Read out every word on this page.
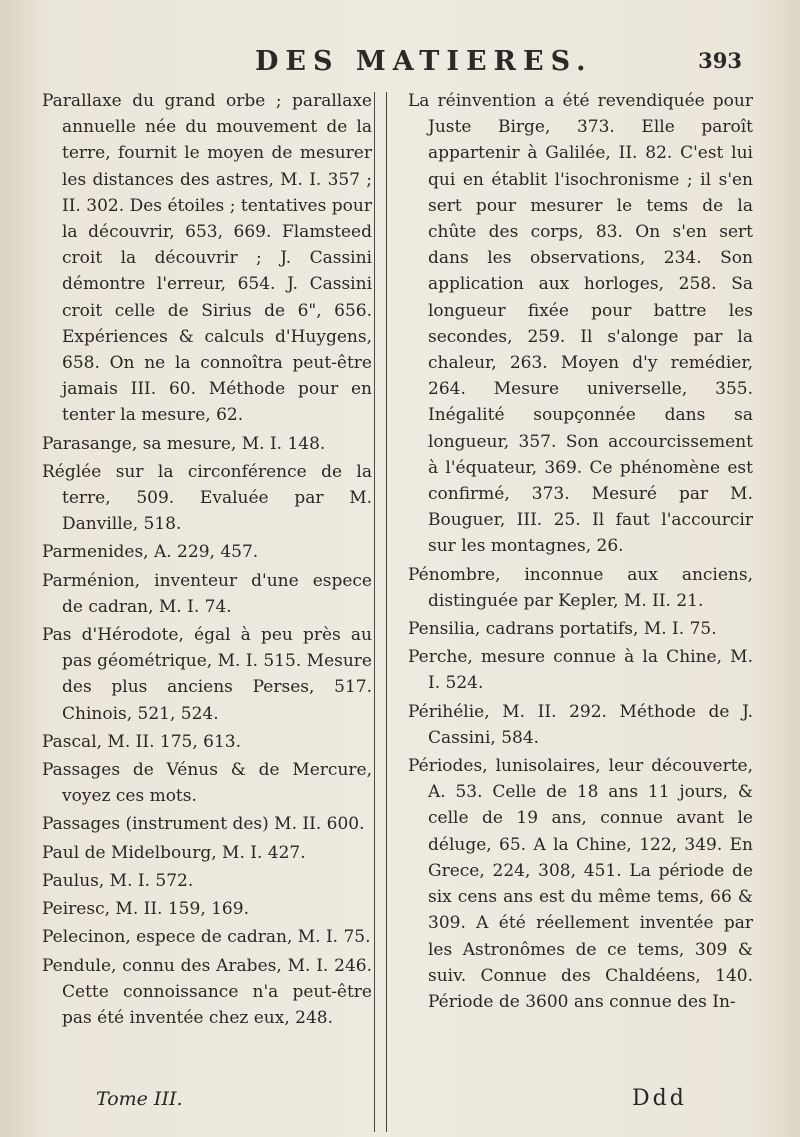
DES MATIERES.	393

Parallaxe du grand orbe ; parallaxe annuelle née du mouvement de la terre, fournit le moyen de mesurer les distances des astres, M. I. 357 ; II. 302. Des étoiles ; tentatives pour la découvrir, 653, 669. Flamsteed croit la découvrir ; J. Cassini démontre l'erreur, 654. J. Cassini croit celle de Sirius de 6", 656. Expériences & calculs d'Huygens, 658. On ne la connoîtra peut-être jamais III. 60. Méthode pour en tenter la mesure, 62.

Parasange, sa mesure, M. I. 148.

Réglée sur la circonférence de la terre, 509. Evaluée par M. Danville, 518.

Parmenides, A. 229, 457.

Parménion, inventeur d'une espece de cadran, M. I. 74.

Pas d'Hérodote, égal à peu près au pas géométrique, M. I. 515. Mesure des plus anciens Perses, 517. Chinois, 521, 524.

Pascal, M. II. 175, 613.

Passages de Vénus & de Mercure, voyez ces mots.

Passages (instrument des) M. II. 600.

Paul de Midelbourg, M. I. 427.

Paulus, M. I. 572.

Peiresc, M. II. 159, 169.

Pelecinon, espece de cadran, M. I. 75.

Pendule, connu des Arabes, M. I. 246. Cette connoissance n'a peut-être pas été inventée chez eux, 248.

La réinvention a été revendiquée pour Juste Birge, 373. Elle paroît appartenir à Galilée, II. 82. C'est lui qui en établit l'isochronisme ; il s'en sert pour mesurer le tems de la chûte des corps, 83. On s'en sert dans les observations, 234. Son application aux horloges, 258. Sa longueur fixée pour battre les secondes, 259. Il s'alonge par la chaleur, 263. Moyen d'y remédier, 264. Mesure universelle, 355. Inégalité soupçonnée dans sa longueur, 357. Son accourcissement à l'équateur, 369. Ce phénomène est confirmé, 373. Mesuré par M. Bouguer, III. 25. Il faut l'accourcir sur les montagnes, 26.

Pénombre, inconnue aux anciens, distinguée par Kepler, M. II. 21.

Pensilia, cadrans portatifs, M. I. 75.

Perche, mesure connue à la Chine, M. I. 524.

Périhélie, M. II. 292. Méthode de J. Cassini, 584.

Périodes, lunisolaires, leur découverte, A. 53. Celle de 18 ans 11 jours, & celle de 19 ans, connue avant le déluge, 65. A la Chine, 122, 349. En Grece, 224, 308, 451. La période de six cens ans est du même tems, 66 & 309. A été réellement inventée par les Astronômes de ce tems, 309 & suiv. Connue des Chaldéens, 140. Période de 3600 ans connue des In-

Tome III.	Ddd
